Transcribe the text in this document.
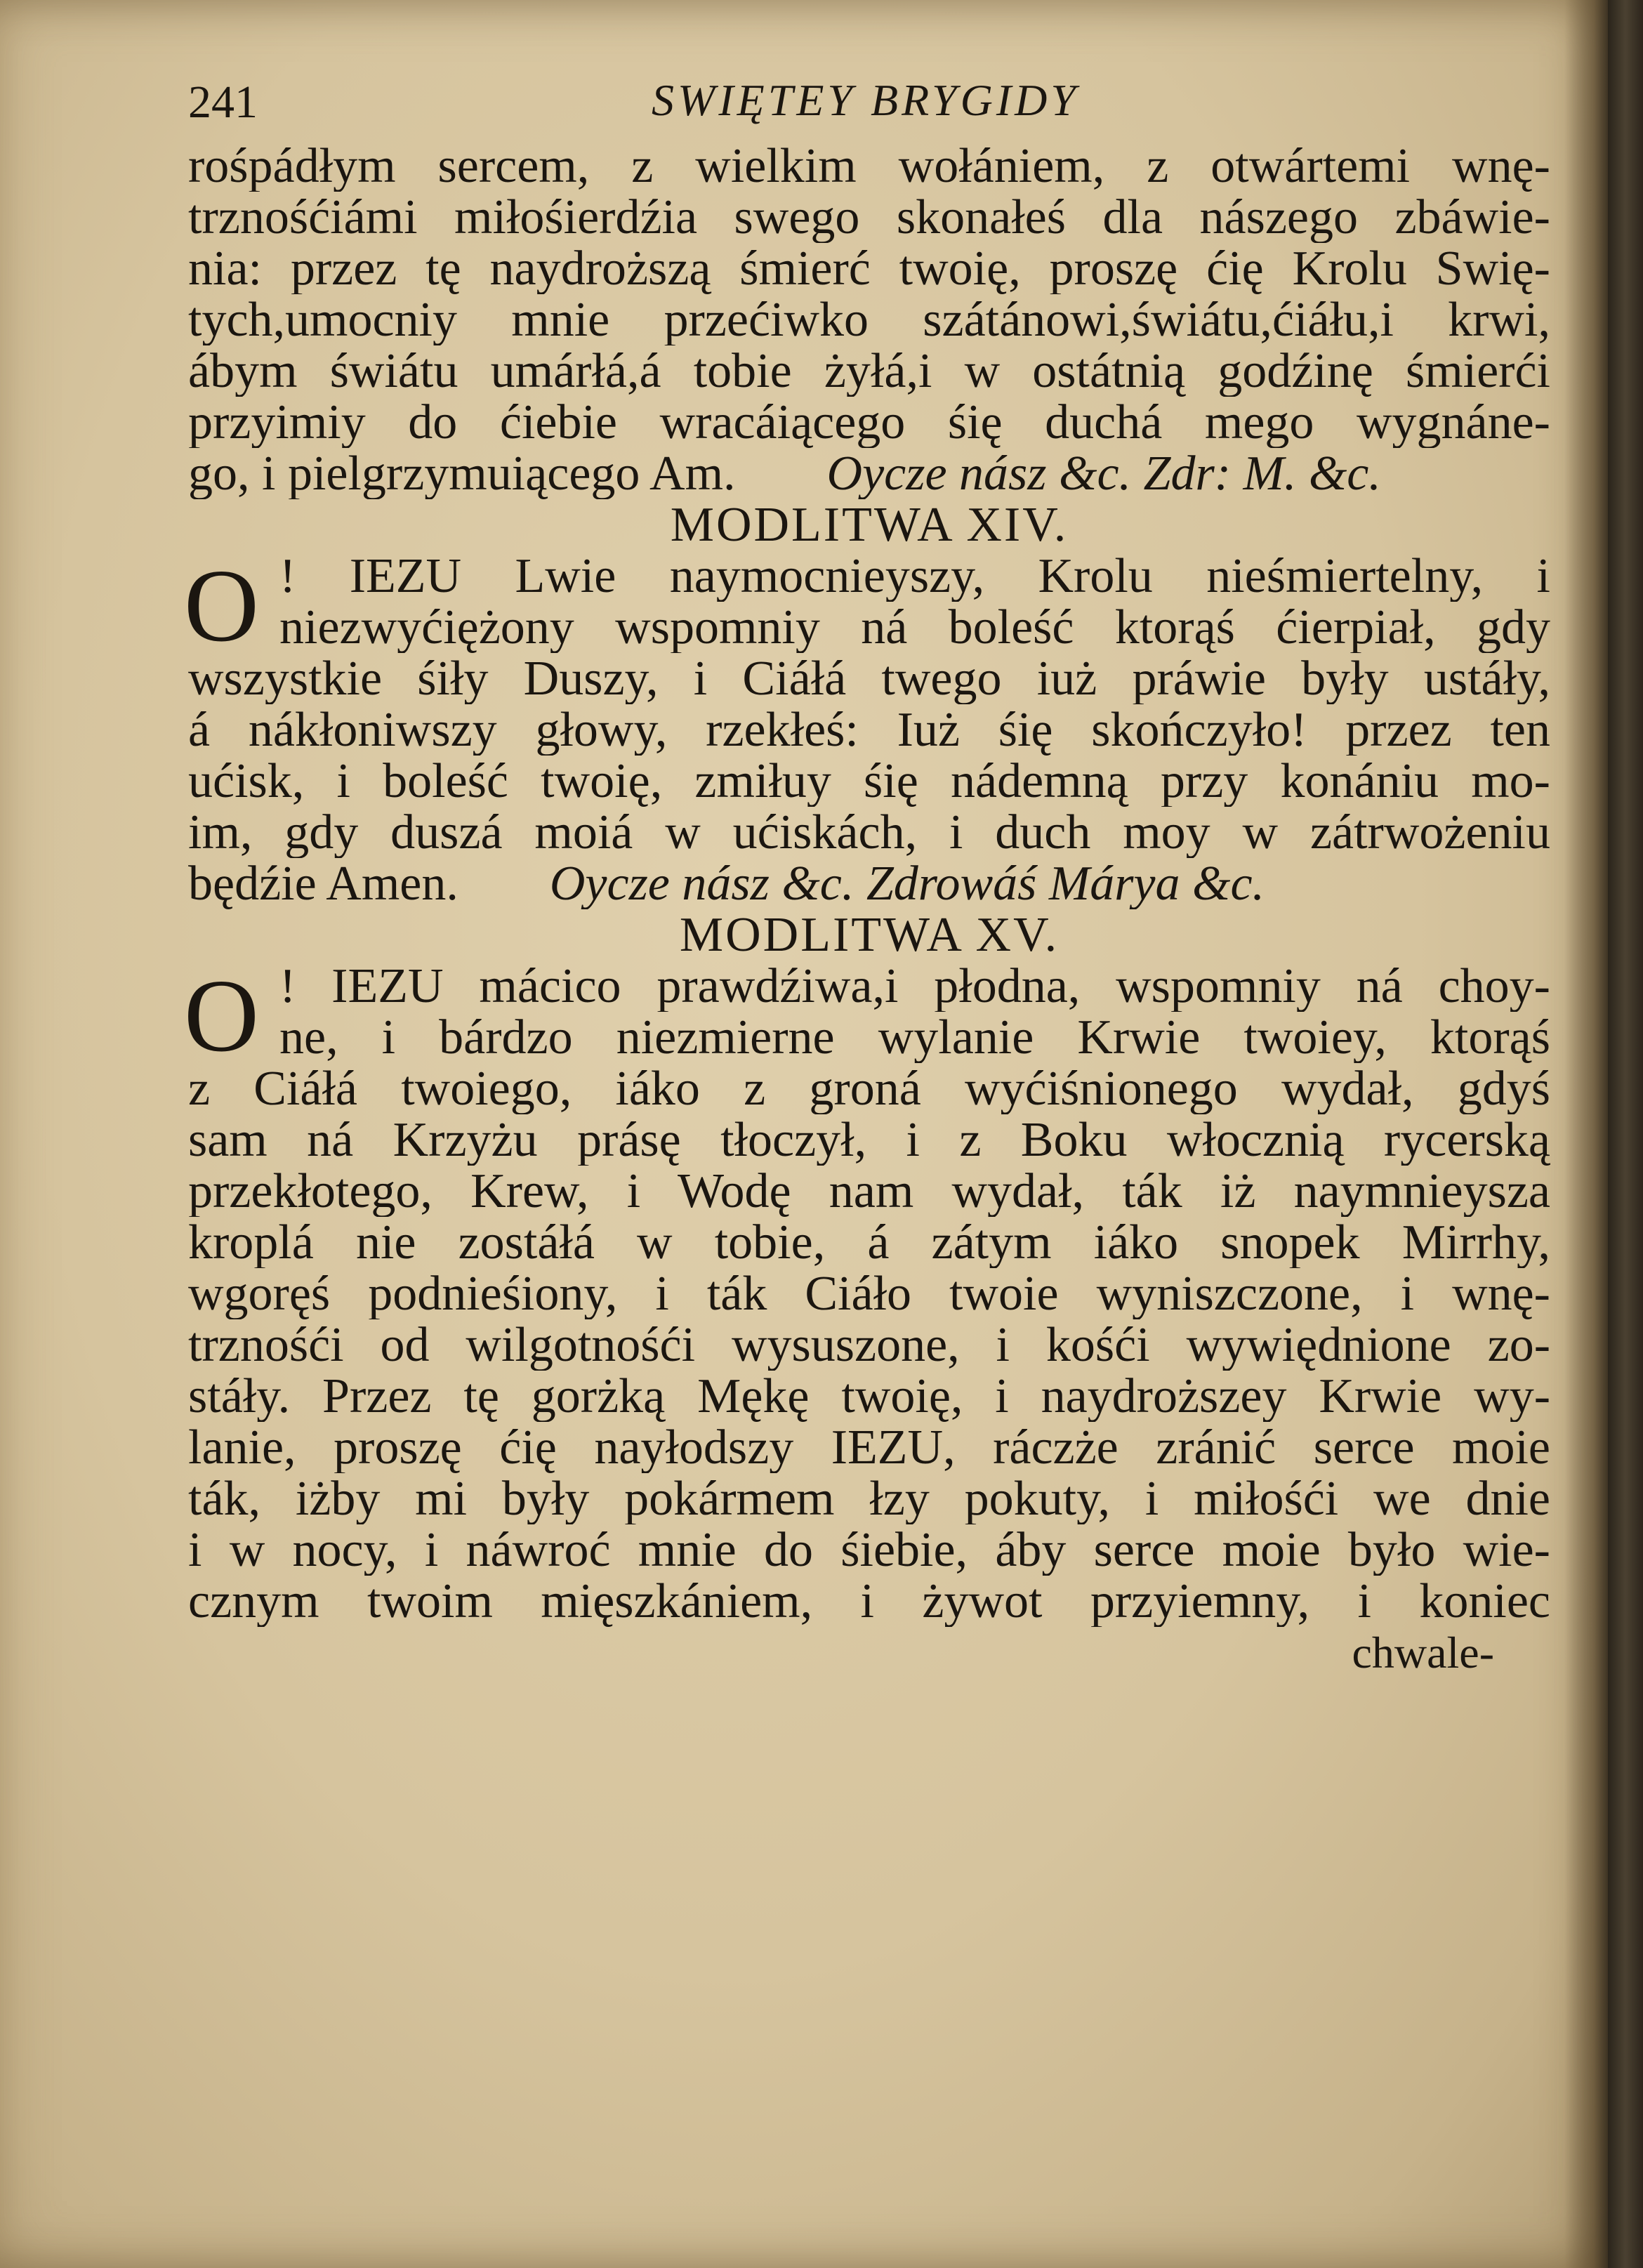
241	SWIĘTEY BRYGIDY
rośpádłym sercem, z wielkim wołániem, z otwártemi wnę-
trznośćiámi miłośierdźia swego skonałeś dla nászego zbáwie-
nia: przez tę naydroższą śmierć twoię, proszę ćię Krolu Swię-
tych,umocniy mnie przećiwko szátánowi,świátu,ćiáłu,i krwi,
ábym świátu umárłá,á tobie żyłá,i w ostátnią godźinę śmierći
przyimiy do ćiebie wracáiącego śię duchá mego wygnáne-
go, i pielgrzymuiącego Am. Oycze nász &c. Zdr: M. &c.
MODLITWA XIV.
O ! IEZU Lwie naymocnieyszy, Krolu nieśmiertelny, i
niezwyćiężony wspomniy ná boleść ktorąś ćierpiał, gdy
wszystkie śiły Duszy, i Ciáłá twego iuż práwie były ustáły,
á nákłoniwszy głowy, rzekłeś: Iuż śię skończyło! przez ten
ućisk, i boleść twoię, zmiłuy śię nádemną przy konániu mo-
im, gdy duszá moiá w ućiskách, i duch moy w zátrwożeniu
będźie Amen. Oycze nász &c. Zdrowáś Márya &c.
MODLITWA XV.
O ! IEZU mácico prawdźiwa,i płodna, wspomniy ná choy-
ne, i bárdzo niezmierne wylanie Krwie twoiey, ktorąś
z Ciáłá twoiego, iáko z groná wyćiśnionego wydał, gdyś
sam ná Krzyżu prásę tłoczył, i z Boku włocznią rycerską
przekłotego, Krew, i Wodę nam wydał, ták iż naymnieysza
kroplá nie zostáłá w tobie, á zátym iáko snopek Mirrhy,
wgoręś podnieśiony, i ták Ciáło twoie wyniszczone, i wnę-
trznośći od wilgotnośći wysuszone, i kośći wywiędnione zo-
stáły. Przez tę gorżką Mękę twoię, i naydroższey Krwie wy-
lanie, proszę ćię nayłodszy IEZU, ráczże zránić serce moie
ták, iżby mi były pokármem łzy pokuty, i miłośći we dnie
i w nocy, i náwroć mnie do śiebie, áby serce moie było wie-
cznym twoim mięszkániem, i żywot przyiemny, i koniec
chwale-
